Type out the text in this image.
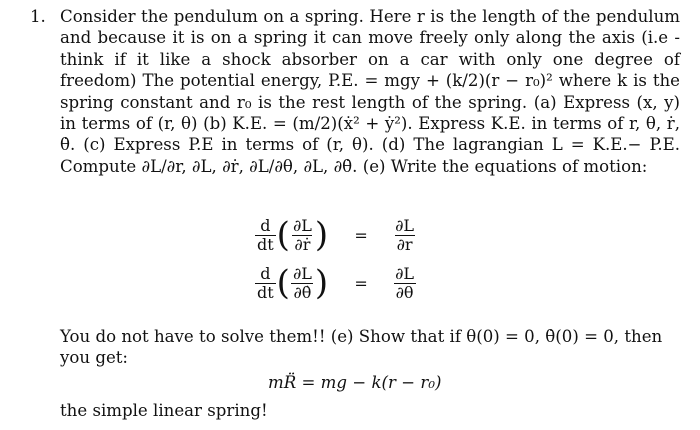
1. Consider the pendulum on a spring. Here r is the length of the pendulum and because it is on a spring it can move freely only along the axis (i.e - think if it like a shock absorber on a car with only one degree of freedom) The potential energy, P.E. = mgy + (k/2)(r − r₀)² where k is the spring constant and r₀ is the rest length of the spring. (a) Express (x, y) in terms of (r, θ) (b) K.E. = (m/2)(ẋ² + ẏ²). Express K.E. in terms of r, θ, ṙ, θ̇. (c) Express P.E in terms of (r, θ). (d) The lagrangian L = K.E.− P.E. Compute ∂L/∂r, ∂L, ∂ṙ, ∂L/∂θ, ∂L, ∂θ̇. (e) Write the equations of motion:
$\frac{d}{dt}$ ( $\frac{\partial L}{\text{∂ṙ}}$ )	=	$\frac{\partial L}{\partial r}$
$\frac{d}{dt}$ ( $\frac{\partial L}{\partial\thetȧ}$ )	=	$\frac{\partial L}{\partial\theta}$
You do not have to solve them!! (e) Show that if θ(0) = 0, θ̇(0) = 0, then you get:
mR̈ = mg − k(r − r₀)
the simple linear spring!
